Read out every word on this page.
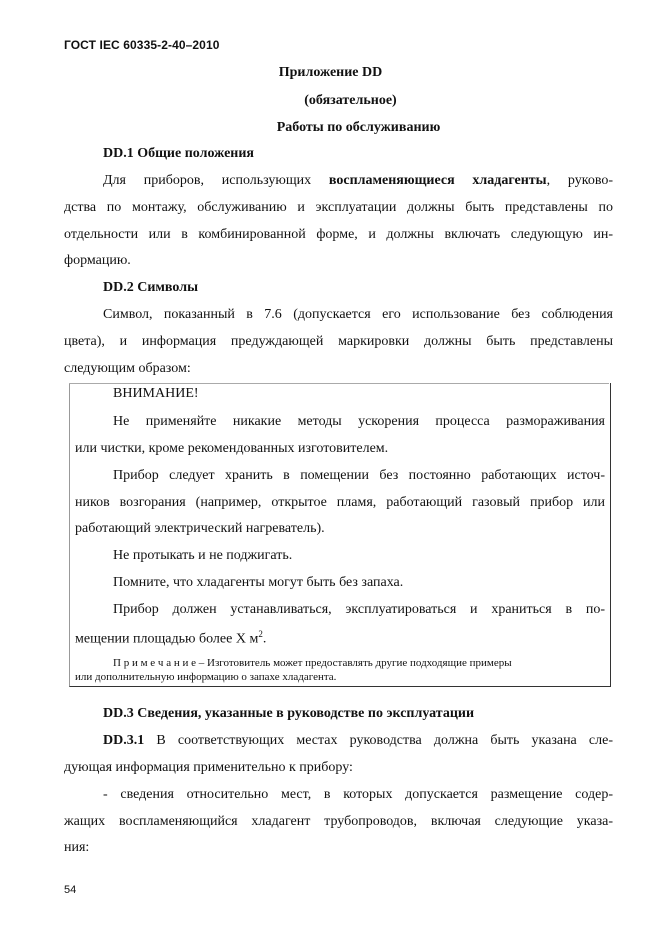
ГОСТ IEC 60335-2-40–2010
Приложение DD
(обязательное)
Работы по обслуживанию
DD.1 Общие положения
Для приборов, использующих воспламеняющиеся хладагенты, руково-
дства по монтажу, обслуживанию и эксплуатации должны быть представлены по
отдельности или в комбинированной форме, и должны включать следующую ин-
формацию.
DD.2 Символы
Символ, показанный в 7.6 (допускается его использование без соблюдения
цвета), и информация предуждающей маркировки должны быть представлены
следующим образом:
ВНИМАНИЕ!
Не применяйте никакие методы ускорения процесса размораживания
или чистки, кроме рекомендованных изготовителем.
Прибор следует хранить в помещении без постоянно работающих источ-
ников возгорания (например, открытое пламя, работающий газовый прибор или
работающий электрический нагреватель).
Не протыкать и не поджигать.
Помните, что хладагенты могут быть без запаха.
Прибор должен устанавливаться, эксплуатироваться и храниться в по-
мещении площадью более X $м^2$.
П р и м е ч а н и е – Изготовитель может предоставлять другие подходящие примеры
или дополнительную информацию о запахе хладагента.
DD.3 Сведения, указанные в руководстве по эксплуатации
DD.3.1 В соответствующих местах руководства должна быть указана сле-
дующая информация применительно к прибору:
- сведения относительно мест, в которых допускается размещение содер-
жащих воспламеняющийся хладагент трубопроводов, включая следующие указа-
ния:
54
